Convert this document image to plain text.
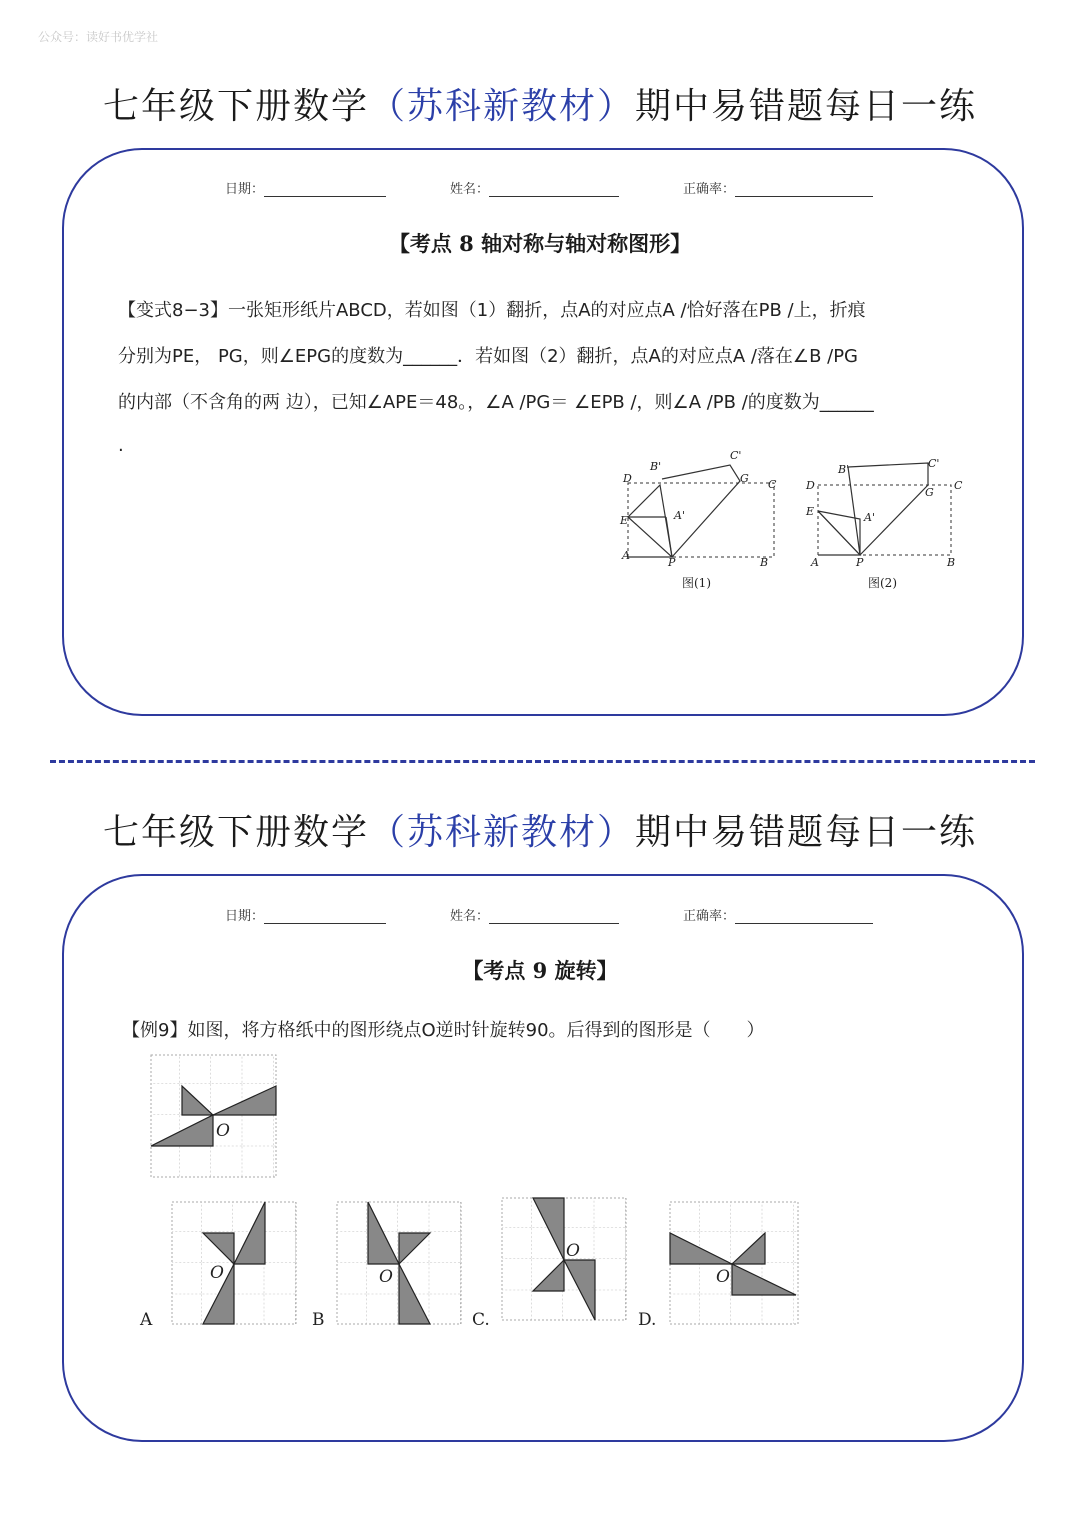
公众号：读好书优学社
七年级下册数学（苏科新教材）期中易错题每日一练
日期：	姓名：	正确率：
【考点 8 轴对称与轴对称图形】
【变式8−3】一张矩形纸片ABCD，若如图（1）翻折，点A的对应点A /恰好落在PB /上，折痕
分别为PE， PG，则∠EPG的度数为______．若如图（2）翻折，点A的对应点A /落在∠B /PG
的内部（不含角的两 边），已知∠APE＝48。，∠A /PG＝ ∠EPB /，则∠A /PB /的度数为______
.
D
E
A
P	B
C
G
A'
B'
C'
图(1)
D
E
A	P	B
C
G
A'
B'	C'
图(2)
七年级下册数学（苏科新教材）期中易错题每日一练
日期：	姓名：	正确率：
【考点 9 旋转】
【例9】如图，将方格纸中的图形绕点O逆时针旋转90。后得到的图形是（　　）
O
O
A
O
B
O
C.
O
D.
